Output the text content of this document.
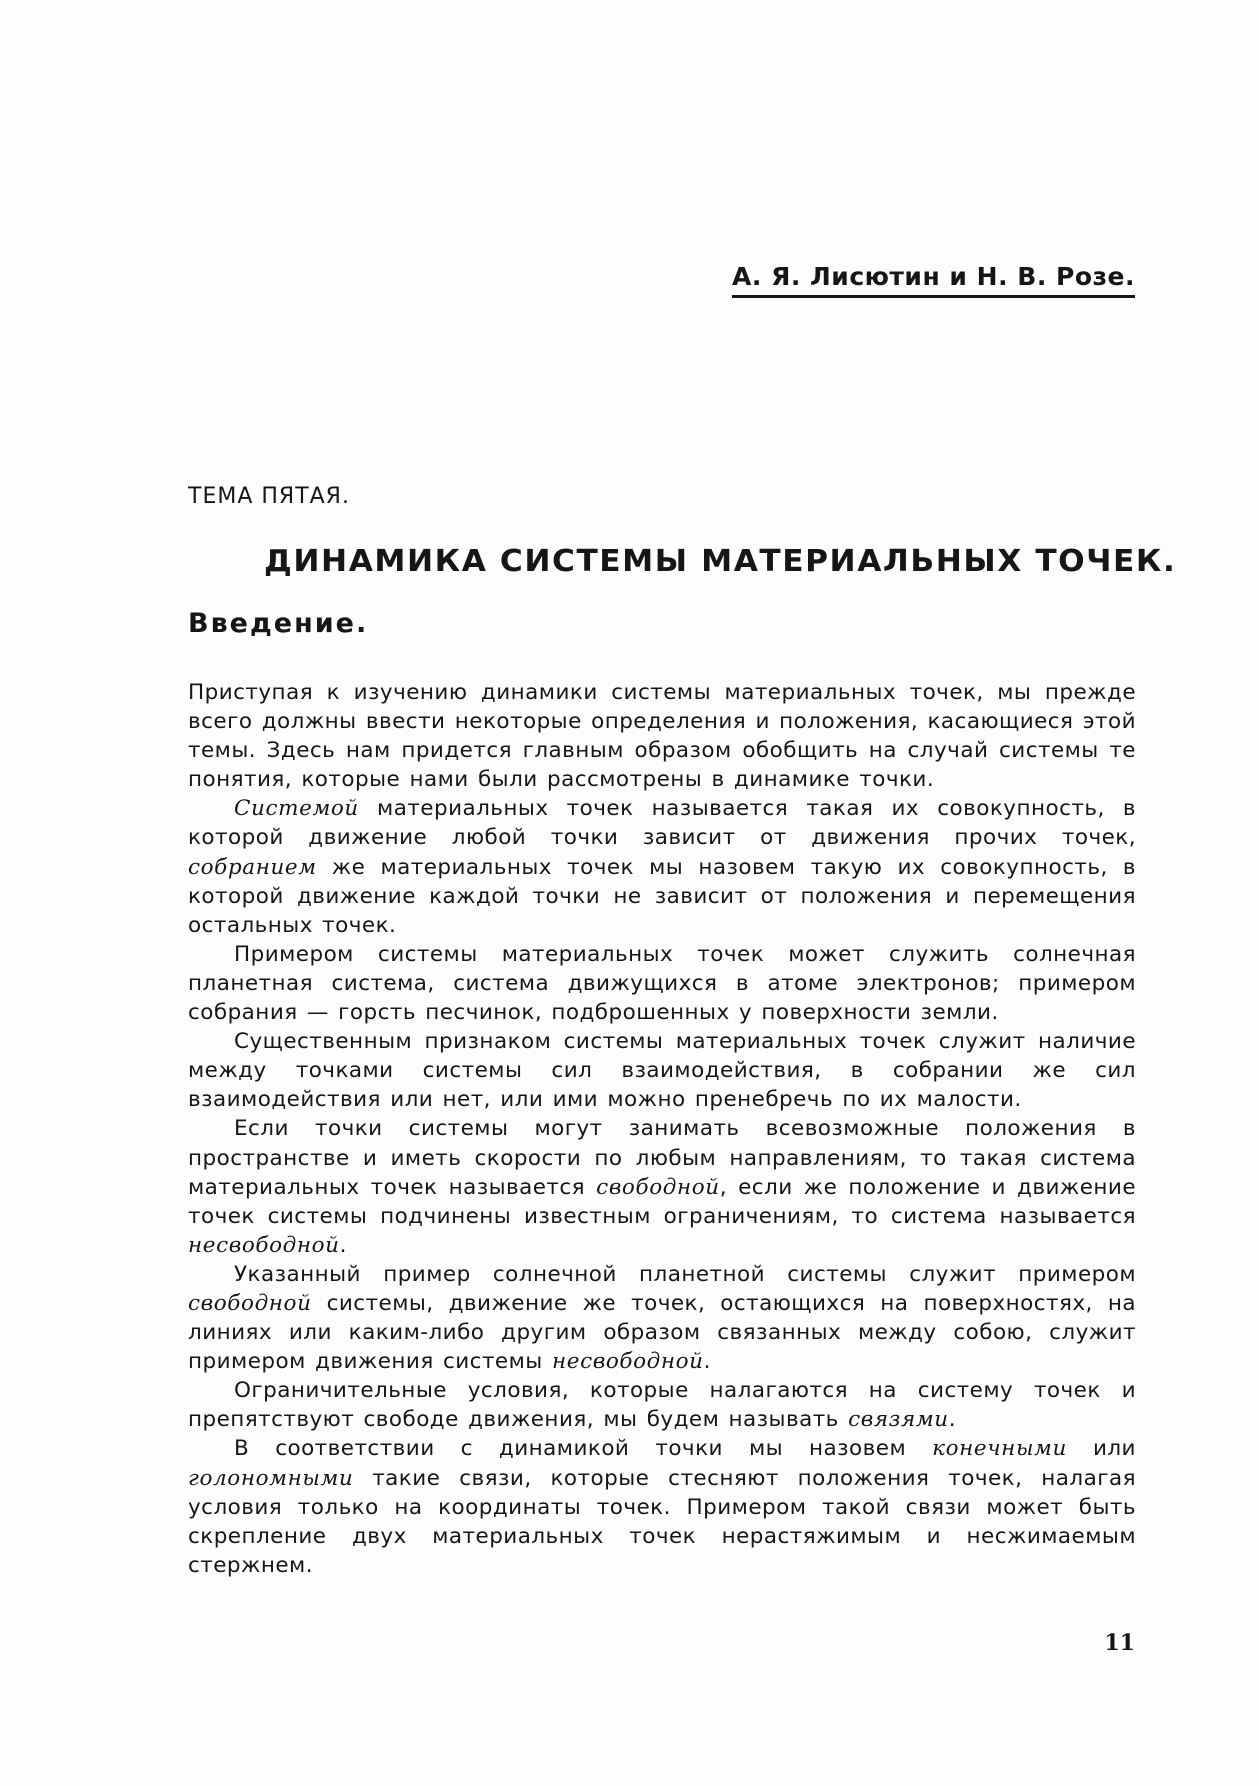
А. Я. Лисютин и Н. В. Розе.
ТЕМА ПЯТАЯ.
ДИНАМИКА СИСТЕМЫ МАТЕРИАЛЬНЫХ ТОЧЕК.
Введение.

Приступая к изучению динамики системы материальных точек, мы прежде всего должны ввести некоторые определения и положения, касающиеся этой темы. Здесь нам придется главным образом обобщить на случай системы те понятия, которые нами были рассмотрены в динамике точки.

Системой материальных точек называется такая их совокупность, в которой движение любой точки зависит от движения прочих точек, собранием же материальных точек мы назовем такую их совокупность, в которой движение каждой точки не зависит от положения и перемещения остальных точек.

Примером системы материальных точек может служить солнечная планетная система, система движущихся в атоме электронов; примером собрания — горсть песчинок, подброшенных у поверхности земли.

Существенным признаком системы материальных точек служит наличие между точками системы сил взаимодействия, в собрании же сил взаимодействия или нет, или ими можно пренебречь по их малости.

Если точки системы могут занимать всевозможные положения в пространстве и иметь скорости по любым направлениям, то такая система материальных точек называется свободной, если же положение и движение точек системы подчинены известным ограничениям, то система называется несвободной.

Указанный пример солнечной планетной системы служит примером свободной системы, движение же точек, остающихся на поверхностях, на линиях или каким-либо другим образом связанных между собою, служит примером движения системы несвободной.

Ограничительные условия, которые налагаются на систему точек и препятствуют свободе движения, мы будем называть связями.

В соответствии с динамикой точки мы назовем конечными или голономными такие связи, которые стесняют положения точек, налагая условия только на координаты точек. Примером такой связи может быть скрепление двух материальных точек нерастяжимым и несжимаемым стержнем.

11
